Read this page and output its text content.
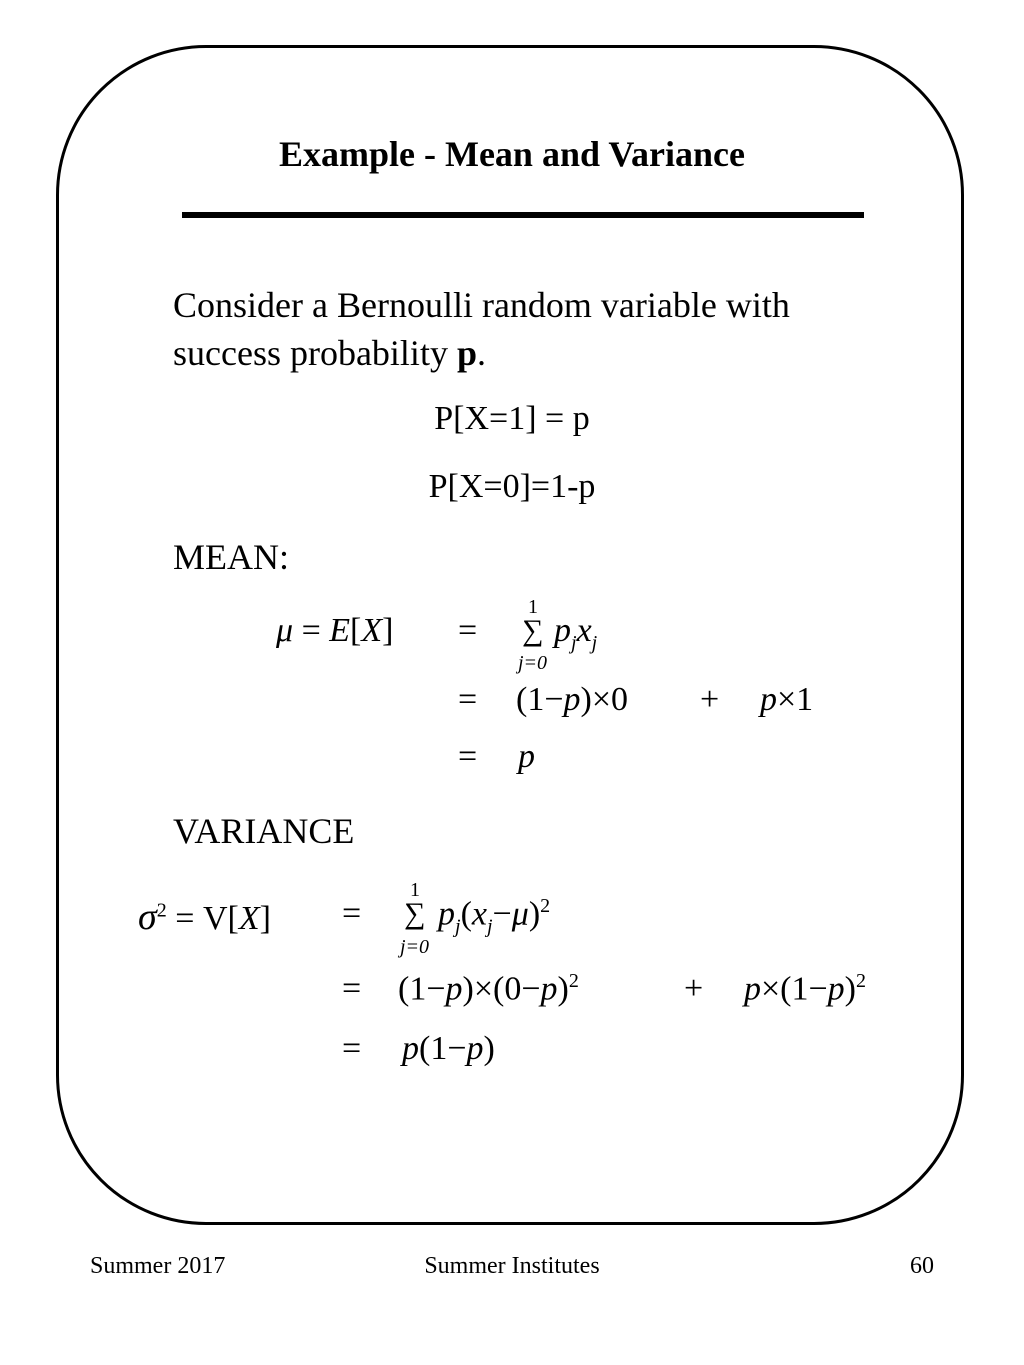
Example - Mean and Variance
Consider a Bernoulli random variable with
success probability p.
P[X=1] = p
P[X=0]=1-p
MEAN:
μ = E[X] =
1
∑
j=0
$p_jx_j$
= (1−p)×0 + p×1
= p
VARIANCE
$\sigma^2 = V[X]$ =
1
∑
j=0
$p_j(x_j-\mu)^2$
= $(1-p)\times(0-p)^2$	+ $p\times(1-p)^2$
= p(1−p)
Summer 2017	Summer Institutes	60
